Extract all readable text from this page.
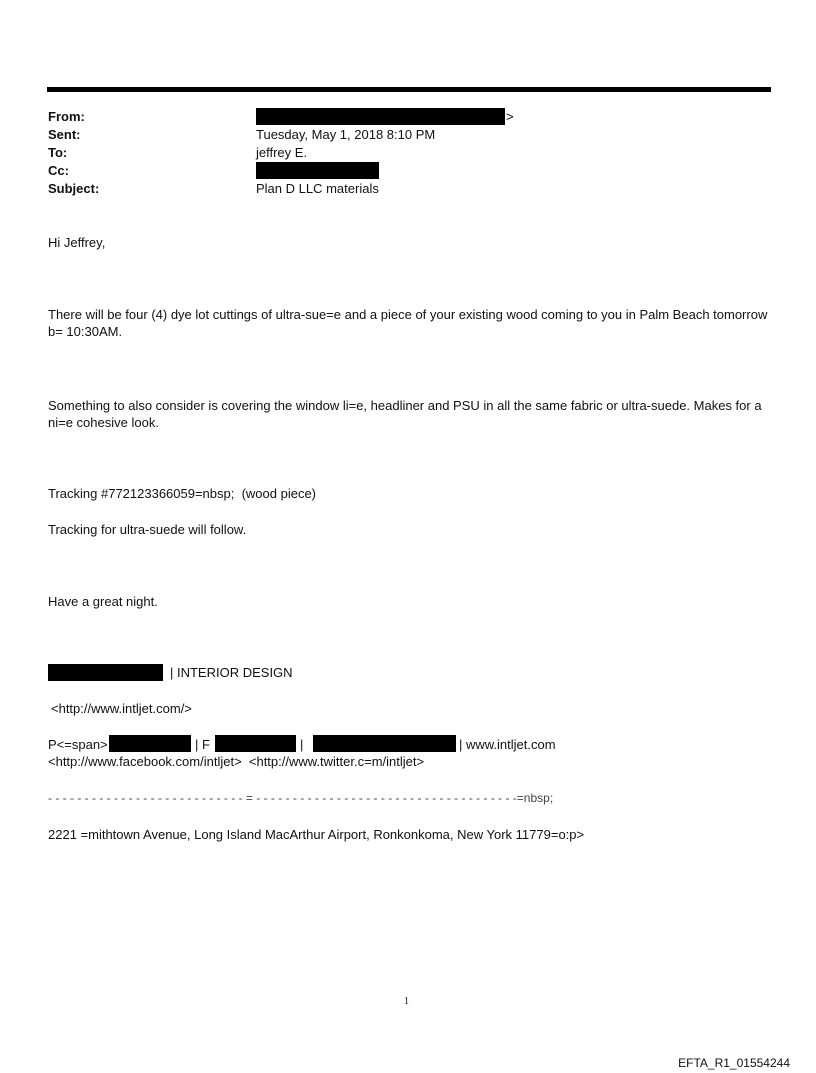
From:	>
Sent:	Tuesday, May 1, 2018 8:10 PM
To:	jeffrey E.
Cc:
Subject:	Plan D LLC materials
Hi Jeffrey,
There will be four (4) dye lot cuttings of ultra-sue=e and a piece of your existing wood coming to you in Palm Beach tomorrow b= 10:30AM.
Something to also consider is covering the window li=e, headliner and PSU in all the same fabric or ultra-suede. Makes for a ni=e cohesive look.
Tracking #772123366059=nbsp;  (wood piece)
Tracking for ultra-suede will follow.
Have a great night.
| INTERIOR DESIGN
<http://www.intljet.com/>
P<=span>	| F	|	| www.intljet.com
<http://www.facebook.com/intljet>  <http://www.twitter.c=m/intljet>
- - - - - - - - - - - - - - - - - - - - - - - - - - - = - - - - - - - - - - - - - - - - - - - - - - - - - - - - - - - - - - - -=nbsp;
2221 =mithtown Avenue, Long Island MacArthur Airport, Ronkonkoma, New York 11779=o:p>
1
EFTA_R1_01554244
